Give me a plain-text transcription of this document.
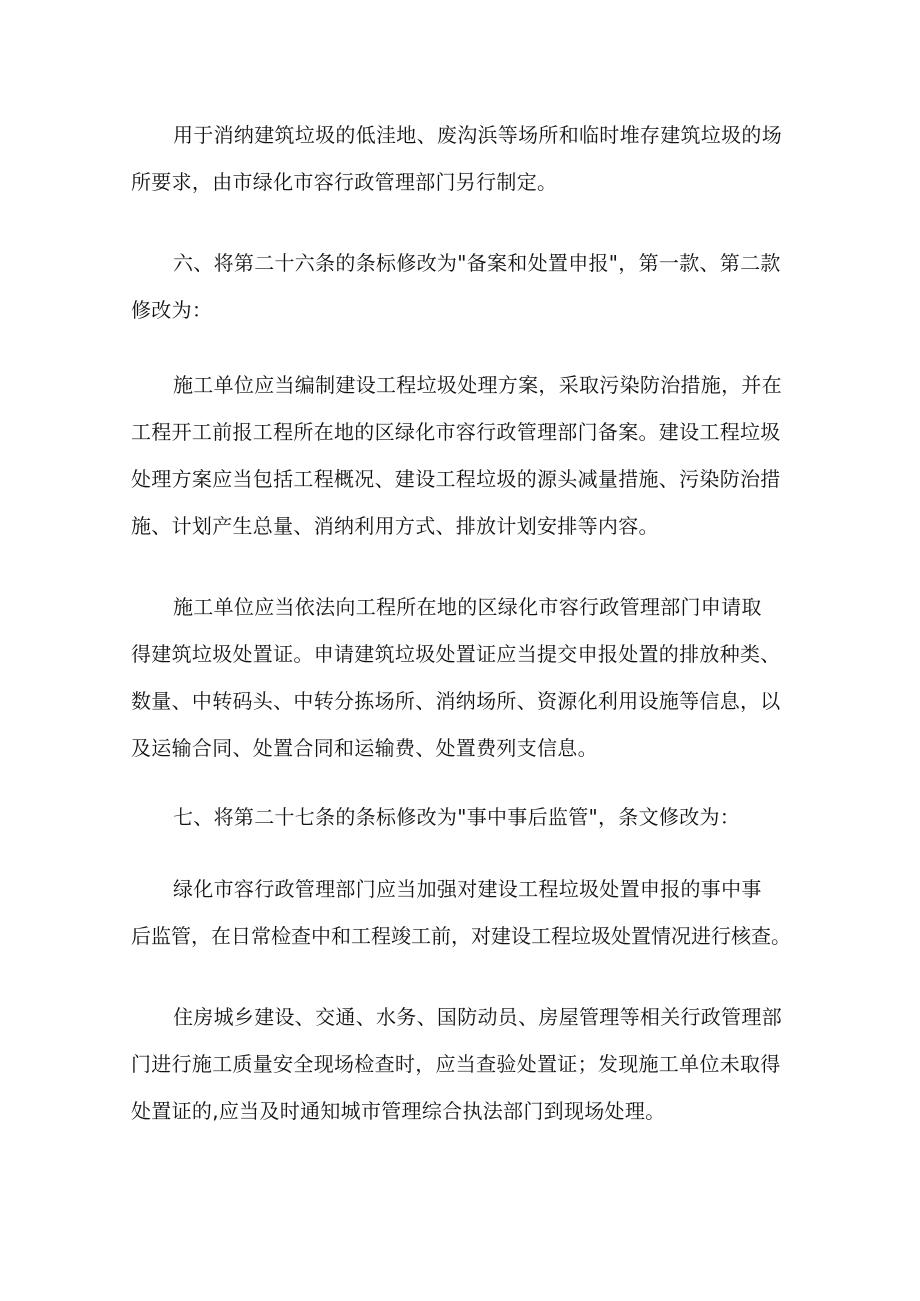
用于消纳建筑垃圾的低洼地、废沟浜等场所和临时堆存建筑垃圾的场
所要求，由市绿化市容行政管理部门另行制定。
六、将第二十六条的条标修改为"备案和处置申报"，第一款、第二款
修改为：
施工单位应当编制建设工程垃圾处理方案，采取污染防治措施，并在
工程开工前报工程所在地的区绿化市容行政管理部门备案。建设工程垃圾
处理方案应当包括工程概况、建设工程垃圾的源头减量措施、污染防治措
施、计划产生总量、消纳利用方式、排放计划安排等内容。
施工单位应当依法向工程所在地的区绿化市容行政管理部门申请取
得建筑垃圾处置证。申请建筑垃圾处置证应当提交申报处置的排放种类、
数量、中转码头、中转分拣场所、消纳场所、资源化利用设施等信息，以
及运输合同、处置合同和运输费、处置费列支信息。
七、将第二十七条的条标修改为"事中事后监管"，条文修改为：
绿化市容行政管理部门应当加强对建设工程垃圾处置申报的事中事
后监管，在日常检查中和工程竣工前，对建设工程垃圾处置情况进行核查。
住房城乡建设、交通、水务、国防动员、房屋管理等相关行政管理部
门进行施工质量安全现场检查时，应当查验处置证；发现施工单位未取得
处置证的,应当及时通知城市管理综合执法部门到现场处理。
